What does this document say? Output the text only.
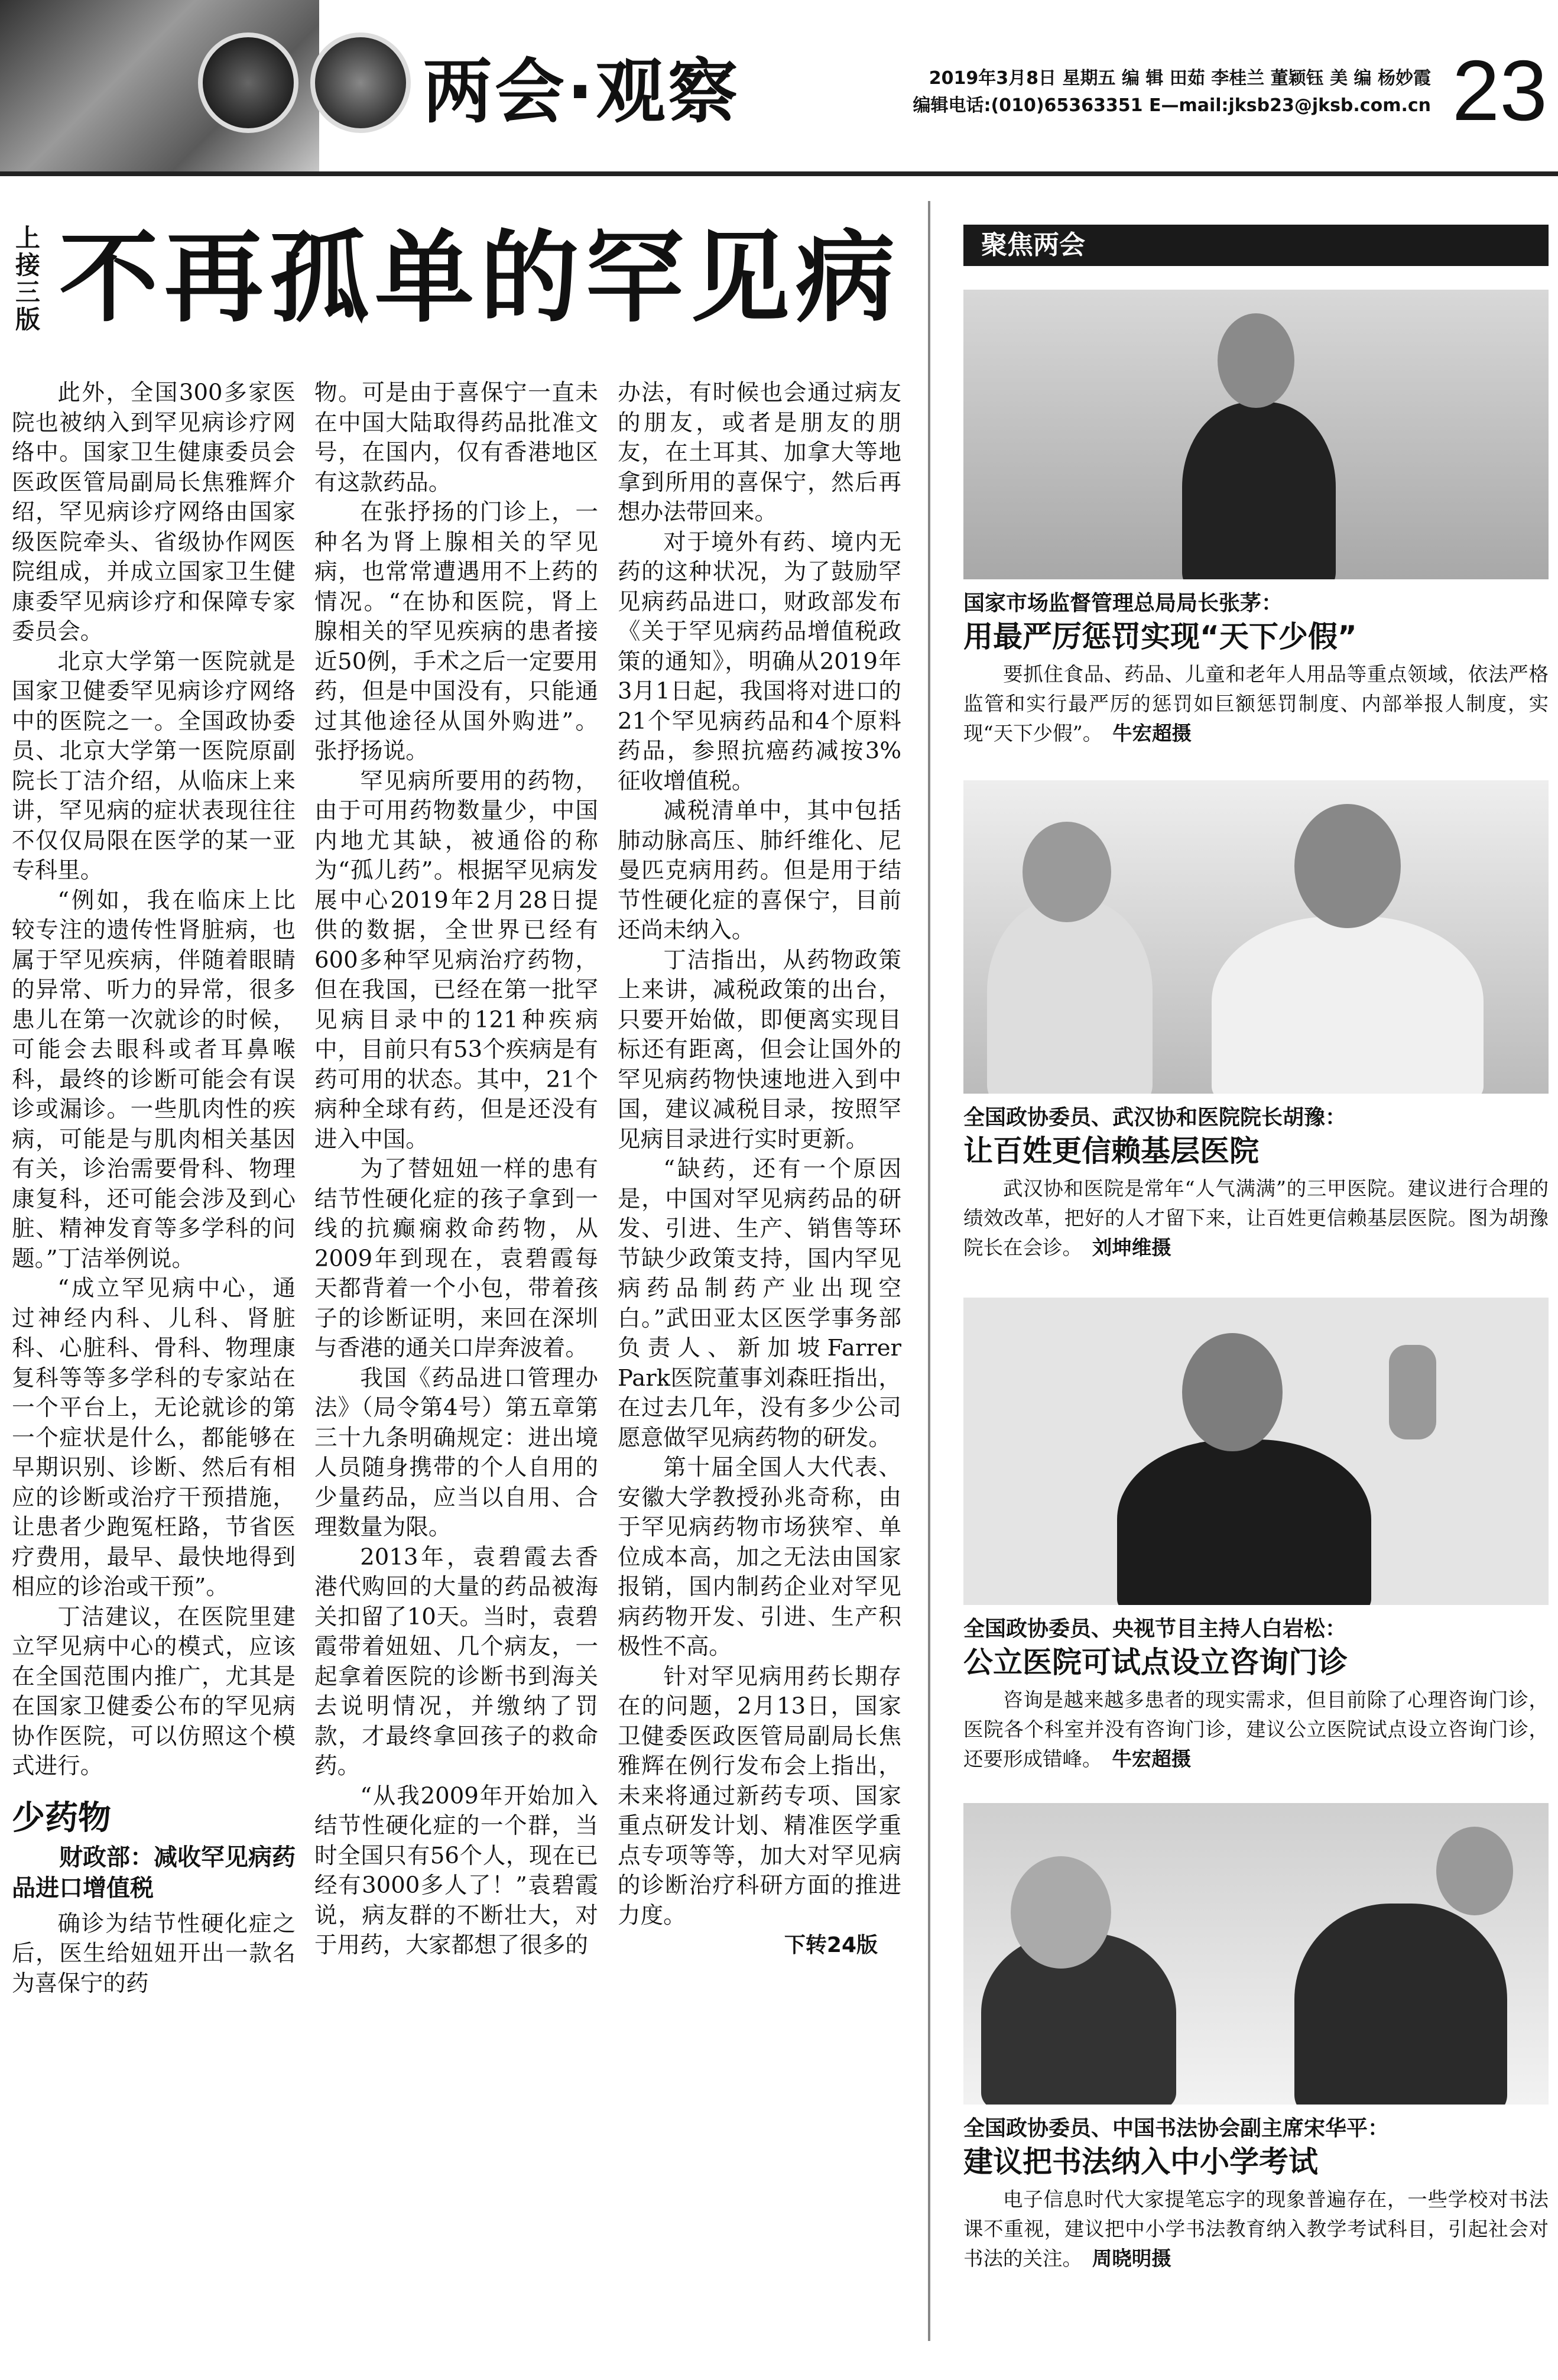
两会·观察	2019年3月8日 星期五 编 辑 田茹 李桂兰 董颖钰 美 编 杨妙霞
编辑电话:(010)65363351 E—mail:jksb23@jksb.com.cn 23
上接三版 不再孤单的罕见病

此外，全国300多家医院也被纳入到罕见病诊疗网络中。国家卫生健康委员会医政医管局副局长焦雅辉介绍，罕见病诊疗网络由国家级医院牵头、省级协作网医院组成，并成立国家卫生健康委罕见病诊疗和保障专家委员会。

北京大学第一医院就是国家卫健委罕见病诊疗网络中的医院之一。全国政协委员、北京大学第一医院原副院长丁洁介绍，从临床上来讲，罕见病的症状表现往往不仅仅局限在医学的某一亚专科里。

“例如，我在临床上比较专注的遗传性肾脏病，也属于罕见疾病，伴随着眼睛的异常、听力的异常，很多患儿在第一次就诊的时候，可能会去眼科或者耳鼻喉科，最终的诊断可能会有误诊或漏诊。一些肌肉性的疾病，可能是与肌肉相关基因有关，诊治需要骨科、物理康复科，还可能会涉及到心脏、精神发育等多学科的问题。”丁洁举例说。

“成立罕见病中心，通过神经内科、儿科、肾脏科、心脏科、骨科、物理康复科等等多学科的专家站在一个平台上，无论就诊的第一个症状是什么，都能够在早期识别、诊断、然后有相应的诊断或治疗干预措施，让患者少跑冤枉路，节省医疗费用，最早、最快地得到相应的诊治或干预”。

丁洁建议，在医院里建立罕见病中心的模式，应该在全国范围内推广，尤其是在国家卫健委公布的罕见病协作医院，可以仿照这个模式进行。

少药物
财政部：减收罕见病药品进口增值税

确诊为结节性硬化症之后，医生给妞妞开出一款名为喜保宁的药

物。可是由于喜保宁一直未在中国大陆取得药品批准文号，在国内，仅有香港地区有这款药品。

在张抒扬的门诊上，一种名为肾上腺相关的罕见病，也常常遭遇用不上药的情况。“在协和医院，肾上腺相关的罕见疾病的患者接近50例，手术之后一定要用药，但是中国没有，只能通过其他途径从国外购进”。张抒扬说。

罕见病所要用的药物，由于可用药物数量少，中国内地尤其缺，被通俗的称为“孤儿药”。根据罕见病发展中心2019年2月28日提供的数据，全世界已经有600多种罕见病治疗药物，但在我国，已经在第一批罕见病目录中的121种疾病中，目前只有53个疾病是有药可用的状态。其中，21个病种全球有药，但是还没有进入中国。

为了替妞妞一样的患有结节性硬化症的孩子拿到一线的抗癫痫救命药物，从2009年到现在，袁碧霞每天都背着一个小包，带着孩子的诊断证明，来回在深圳与香港的通关口岸奔波着。

我国《药品进口管理办法》（局令第4号）第五章第三十九条明确规定：进出境人员随身携带的个人自用的少量药品，应当以自用、合理数量为限。

2013年，袁碧霞去香港代购回的大量的药品被海关扣留了10天。当时，袁碧霞带着妞妞、几个病友，一起拿着医院的诊断书到海关去说明情况，并缴纳了罚款，才最终拿回孩子的救命药。

“从我2009年开始加入结节性硬化症的一个群，当时全国只有56个人，现在已经有3000多人了！”袁碧霞说，病友群的不断壮大，对于用药，大家都想了很多的

办法，有时候也会通过病友的朋友，或者是朋友的朋友，在土耳其、加拿大等地拿到所用的喜保宁，然后再想办法带回来。

对于境外有药、境内无药的这种状况，为了鼓励罕见病药品进口，财政部发布《关于罕见病药品增值税政策的通知》，明确从2019年3月1日起，我国将对进口的21个罕见病药品和4个原料药品，参照抗癌药减按3%征收增值税。

减税清单中，其中包括肺动脉高压、肺纤维化、尼曼匹克病用药。但是用于结节性硬化症的喜保宁，目前还尚未纳入。

丁洁指出，从药物政策上来讲，减税政策的出台，只要开始做，即便离实现目标还有距离，但会让国外的罕见病药物快速地进入到中国，建议减税目录，按照罕见病目录进行实时更新。

“缺药，还有一个原因是，中国对罕见病药品的研发、引进、生产、销售等环节缺少政策支持，国内罕见病药品制药产业出现空白。”武田亚太区医学事务部负责人、新加坡Farrer Park医院董事刘森旺指出，在过去几年，没有多少公司愿意做罕见病药物的研发。

第十届全国人大代表、安徽大学教授孙兆奇称，由于罕见病药物市场狭窄、单位成本高，加之无法由国家报销，国内制药企业对罕见病药物开发、引进、生产积极性不高。

针对罕见病用药长期存在的问题，2月13日，国家卫健委医政医管局副局长焦雅辉在例行发布会上指出，未来将通过新药专项、国家重点研发计划、精准医学重点专项等等，加大对罕见病的诊断治疗科研方面的推进力度。

下转24版
聚焦两会
国家市场监督管理总局局长张茅：
用最严厉惩罚实现“天下少假”
要抓住食品、药品、儿童和老年人用品等重点领域，依法严格监管和实行最严厉的惩罚如巨额惩罚制度、内部举报人制度，实现“天下少假”。　 牛宏超摄
全国政协委员、武汉协和医院院长胡豫：
让百姓更信赖基层医院
武汉协和医院是常年“人气满满”的三甲医院。建议进行合理的绩效改革，把好的人才留下来，让百姓更信赖基层医院。图为胡豫院长在会诊。　 刘坤维摄
全国政协委员、央视节目主持人白岩松：
公立医院可试点设立咨询门诊
咨询是越来越多患者的现实需求，但目前除了心理咨询门诊，医院各个科室并没有咨询门诊，建议公立医院试点设立咨询门诊，还要形成错峰。　 牛宏超摄
全国政协委员、中国书法协会副主席宋华平：
建议把书法纳入中小学考试
电子信息时代大家提笔忘字的现象普遍存在，一些学校对书法课不重视，建议把中小学书法教育纳入教学考试科目，引起社会对书法的关注。　 周晓明摄
